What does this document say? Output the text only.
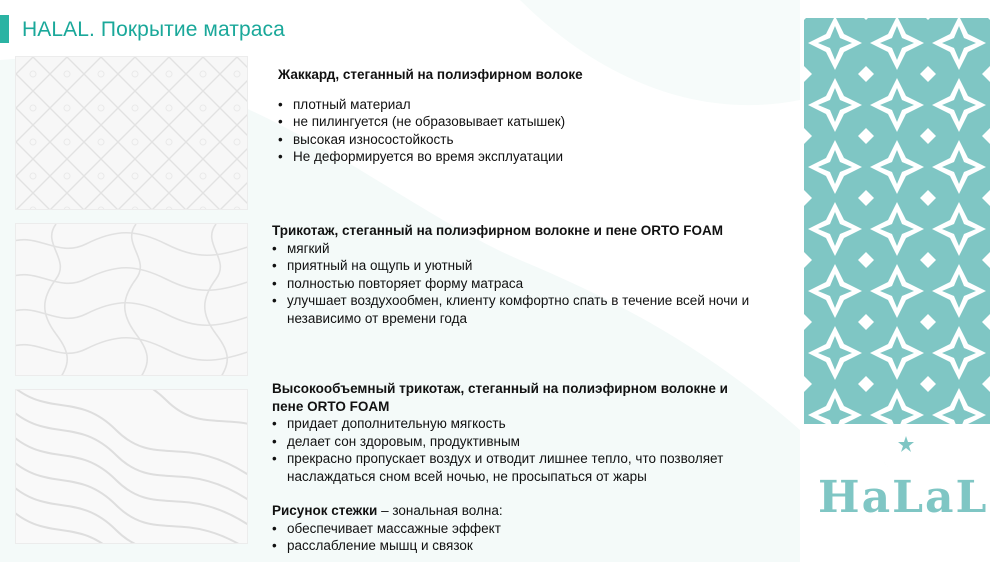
HALAL. Покрытие матраса
Жаккард, стеганный на полиэфирном волоке
• плотный материал
• не пилингуется (не образовывает катышек)
• высокая износостойкость
• Не деформируется во время эксплуатации
Трикотаж, стеганный на полиэфирном волокне и пене ORTO FOAM
• мягкий
• приятный на ощупь и уютный
• полностью повторяет форму матраса
• улучшает воздухообмен, клиенту комфортно спать в течение всей ночи и независимо от времени года
Высокообъемный трикотаж, стеганный на полиэфирном волокне и
пене ORTO FOAM
• придает дополнительную мягкость
• делает сон здоровым, продуктивным
• прекрасно пропускает воздух и отводит лишнее тепло, что позволяет наслаждаться сном всей ночью, не просыпаться от жары
Рисунок стежки – зональная волна:
• обеспечивает массажные эффект
• расслабление мышц и связок
HaLaL
